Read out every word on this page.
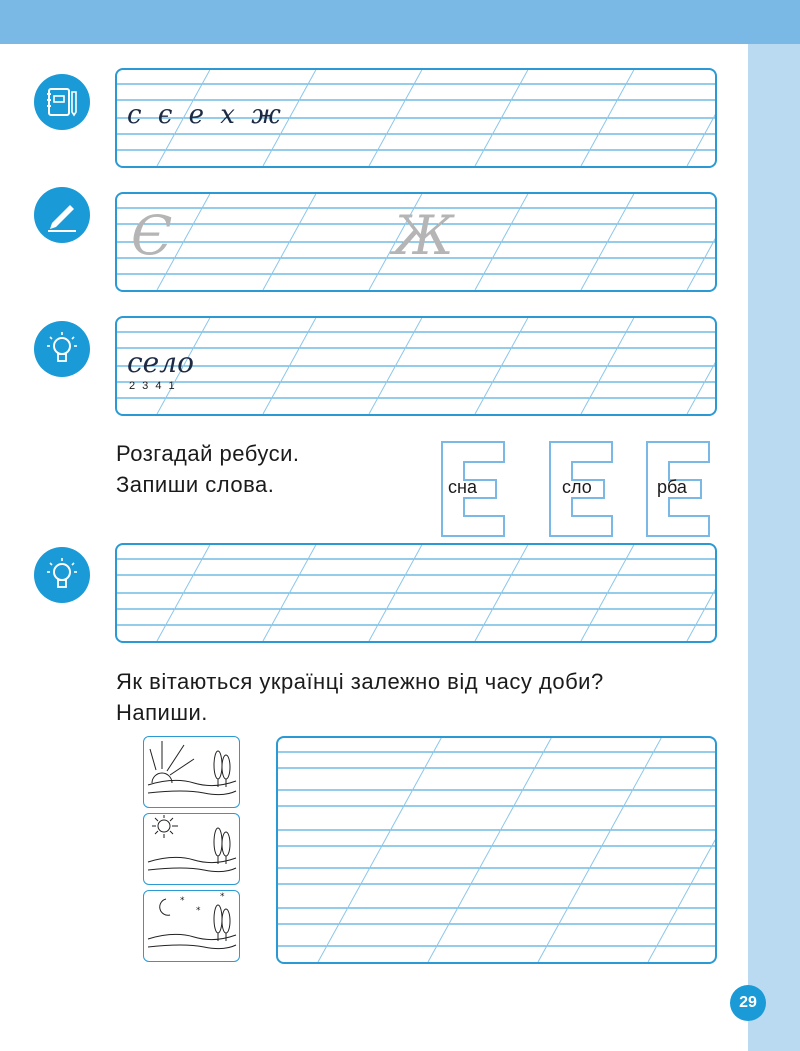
с є е х ж
Є	Ж
село
2 3 4 1
Розгадай ребуси.
Запиши слова.	сна	сло	рба
Як вітаються українці залежно від часу доби?
Напиши.
*
*
*
29
